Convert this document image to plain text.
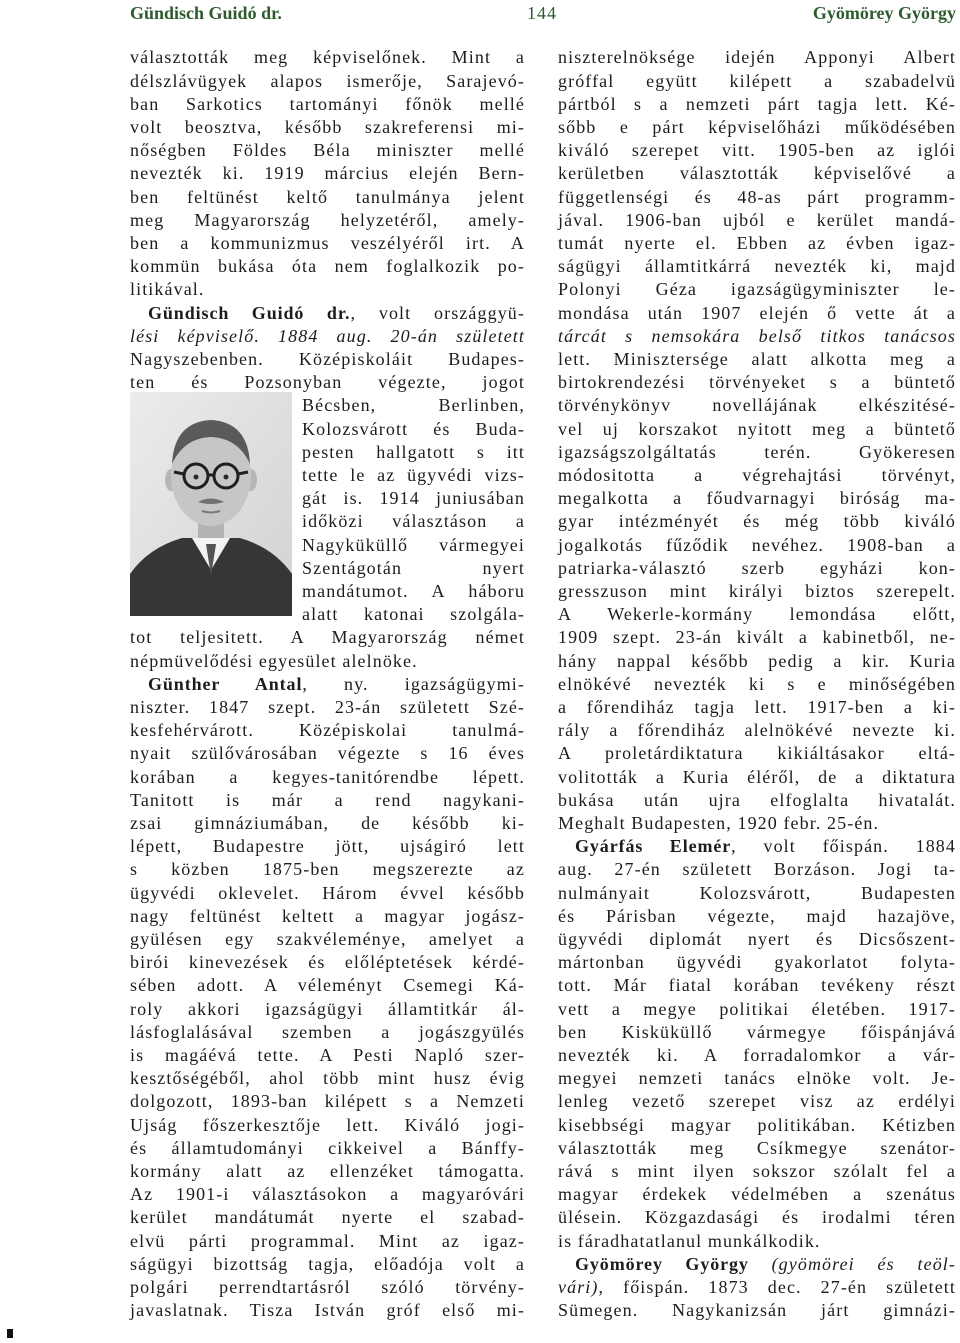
Gündisch Guidó dr.	144	Gyömörey György
választották meg képviselőnek. Mint a
délszlávügyek alapos ismerője, Sarajevó-
ban Sarkotics tartományi főnök mellé
volt beosztva, később szakreferensi mi-
nőségben Földes Béla miniszter mellé
nevezték ki. 1919 március elején Bern-
ben feltünést keltő tanulmánya jelent
meg Magyarország helyzetéről, amely-
ben a kommunizmus veszélyéről irt. A
kommün bukása óta nem foglalkozik po-
litikával.
Gündisch Guidó dr., volt országgyü-
lési képviselő. 1884 aug. 20-án született
Nagyszebenben. Középiskoláit Budapes-
ten és Pozsonyban végezte, jogot
Bécsben, Berlinben,
Kolozsvárott és Buda-
pesten hallgatott s itt
tette le az ügyvédi vizs-
gát is. 1914 juniusában
időközi választáson a
Nagyküküllő vármegyei
Szentágotán nyert
mandátumot. A háboru
alatt katonai szolgála-
tot teljesitett. A Magyarország német
népmüvelődési egyesület alelnöke.
Günther Antal, ny. igazságügymi-
niszter. 1847 szept. 23-án született Szé-
kesfehérvárott. Középiskolai tanulmá-
nyait szülővárosában végezte s 16 éves
korában a kegyes-tanitórendbe lépett.
Tanitott is már a rend nagykani-
zsai gimnáziumában, de később ki-
lépett, Budapestre jött, ujságiró lett
s közben 1875-ben megszerezte az
ügyvédi oklevelet. Három évvel később
nagy feltünést keltett a magyar jogász-
gyülésen egy szakvéleménye, amelyet a
birói kinevezések és előléptetések kérdé-
sében adott. A véleményt Csemegi Ká-
roly akkori igazságügyi államtitkár ál-
lásfoglalásával szemben a jogászgyülés
is magáévá tette. A Pesti Napló szer-
kesztőségéből, ahol több mint husz évig
dolgozott, 1893-ban kilépett s a Nemzeti
Ujság főszerkesztője lett. Kiváló jogi-
és államtudományi cikkeivel a Bánffy-
kormány alatt az ellenzéket támogatta.
Az 1901-i választásokon a magyaróvári
kerület mandátumát nyerte el szabad-
elvü párti programmal. Mint az igaz-
ságügyi bizottság tagja, előadója volt a
polgári perrendtartásról szóló törvény-
javaslatnak. Tisza István gróf első mi-
niszterelnöksége idején Apponyi Albert
gróffal együtt kilépett a szabadelvü
pártból s a nemzeti párt tagja lett. Ké-
sőbb e párt képviselőházi működésében
kiváló szerepet vitt. 1905-ben az iglói
kerületben választották képviselővé a
függetlenségi és 48-as párt programm-
jával. 1906-ban ujból e kerület mandá-
tumát nyerte el. Ebben az évben igaz-
ságügyi államtitkárrá nevezték ki, majd
Polonyi Géza igazságügyminiszter le-
mondása után 1907 elején ő vette át a
tárcát s nemsokára belső titkos tanácsos
lett. Minisztersége alatt alkotta meg a
birtokrendezési törvényeket s a büntető
törvénykönyv novellájának elkészitésé-
vel uj korszakot nyitott meg a büntető
igazságszolgáltatás terén. Gyökeresen
módositotta a végrehajtási törvényt,
megalkotta a főudvarnagyi biróság ma-
gyar intézményét és még több kiváló
jogalkotás fűződik nevéhez. 1908-ban a
patriarka-választó szerb egyházi kon-
gresszuson mint királyi biztos szerepelt.
A Wekerle-kormány lemondása előtt,
1909 szept. 23-án kivált a kabinetből, ne-
hány nappal később pedig a kir. Kuria
elnökévé nevezték ki s e minőségében
a főrendiház tagja lett. 1917-ben a ki-
rály a főrendiház alelnökévé nevezte ki.
A proletárdiktatura kikiáltásakor eltá-
volitották a Kuria éléről, de a diktatura
bukása után ujra elfoglalta hivatalát.
Meghalt Budapesten, 1920 febr. 25-én.
Gyárfás Elemér, volt főispán. 1884
aug. 27-én született Borzáson. Jogi ta-
nulmányait Kolozsvárott, Budapesten
és Párisban végezte, majd hazajöve,
ügyvédi diplomát nyert és Dicsőszent-
mártonban ügyvédi gyakorlatot folyta-
tott. Már fiatal korában tevékeny részt
vett a megye politikai életében. 1917-
ben Kisküküllő vármegye főispánjává
nevezték ki. A forradalomkor a vár-
megyei nemzeti tanács elnöke volt. Je-
lenleg vezető szerepet visz az erdélyi
kisebbségi magyar politikában. Kétizben
választották meg Csíkmegye szenátor-
rává s mint ilyen sokszor szólalt fel a
magyar érdekek védelmében a szenátus
ülésein. Közgazdasági és irodalmi téren
is fáradhatatlanul munkálkodik.
Gyömörey György (gyömörei és teöl-
vári), főispán. 1873 dec. 27-én született
Sümegen. Nagykanizsán járt gimnázi-
